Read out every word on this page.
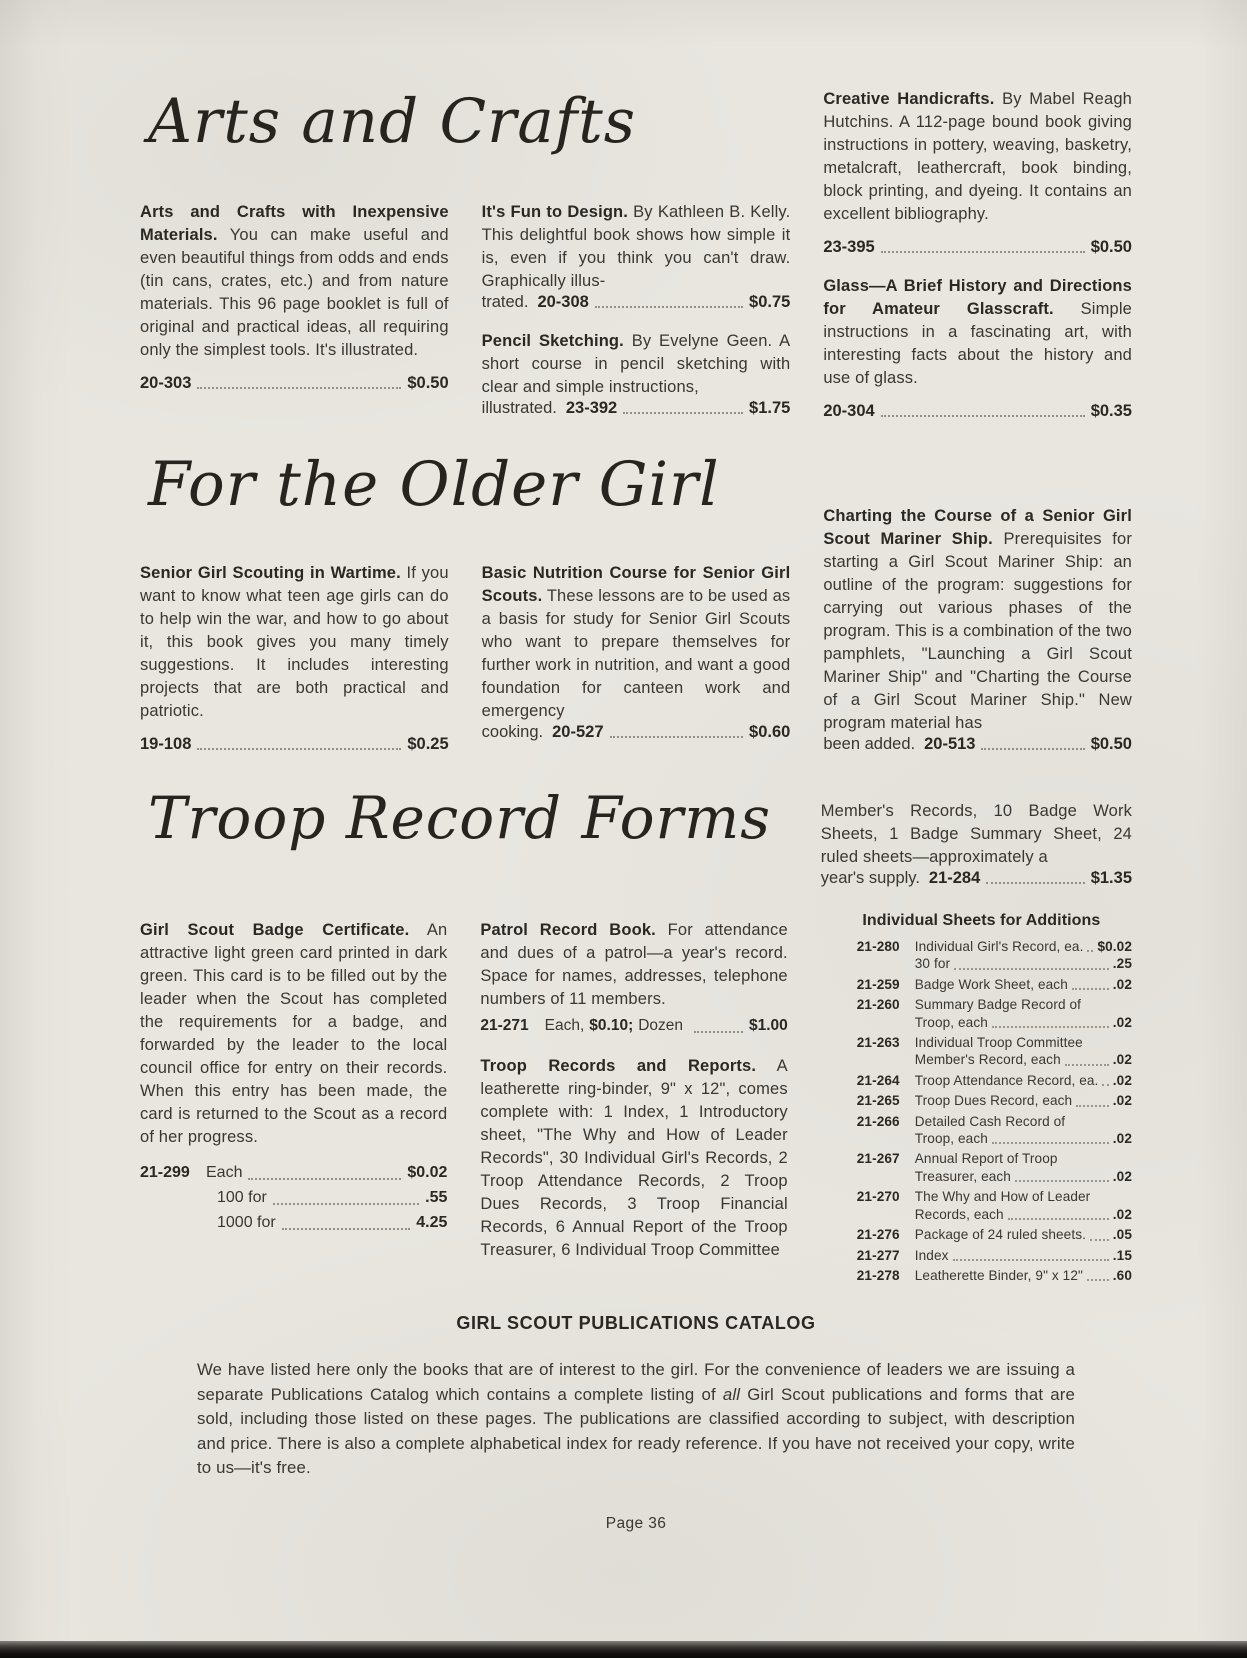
Arts and Crafts

Arts and Crafts with Inexpensive Materials. You can make useful and even beautiful things from odds and ends (tin cans, crates, etc.) and from nature materials. This 96 page booklet is full of original and practical ideas, all requiring only the simplest tools. It's illustrated.

20-303	$0.50

It's Fun to Design. By Kathleen B. Kelly. This delightful book shows how simple it is, even if you think you can't draw. Graphically illus-

trated. 20-308	$0.75

Pencil Sketching. By Evelyne Geen. A short course in pencil sketching with clear and simple instructions,

illustrated. 23-392	$1.75

Creative Handicrafts. By Mabel Reagh Hutchins. A 112-page bound book giving instructions in pottery, weaving, basketry, metalcraft, leathercraft, book binding, block printing, and dyeing. It contains an excellent bibliography.

23-395	$0.50

Glass—A Brief History and Directions for Amateur Glasscraft. Simple instructions in a fascinating art, with interesting facts about the history and use of glass.

20-304	$0.35
For the Older Girl

Senior Girl Scouting in Wartime. If you want to know what teen age girls can do to help win the war, and how to go about it, this book gives you many timely suggestions. It includes interesting projects that are both practical and patriotic.

19-108	$0.25

Basic Nutrition Course for Senior Girl Scouts. These lessons are to be used as a basis for study for Senior Girl Scouts who want to prepare themselves for further work in nutrition, and want a good foundation for canteen work and emergency

cooking. 20-527	$0.60

Charting the Course of a Senior Girl Scout Mariner Ship. Prerequisites for starting a Girl Scout Mariner Ship: an outline of the program: suggestions for carrying out various phases of the program. This is a combination of the two pamphlets, "Launching a Girl Scout Mariner Ship" and "Charting the Course of a Girl Scout Mariner Ship." New program material has

been added. 20-513	$0.50
Troop Record Forms

Girl Scout Badge Certificate. An attractive light green card printed in dark green. This card is to be filled out by the leader when the Scout has completed the requirements for a badge, and forwarded by the leader to the local council office for entry on their records. When this entry has been made, the card is returned to the Scout as a record of her progress.

21-299	Each	$0.02
100 for	.55
1000 for	4.25

Patrol Record Book. For attendance and dues of a patrol—a year's record. Space for names, addresses, telephone numbers of 11 members.

21-271 Each, $0.10; Dozen	$1.00

Troop Records and Reports. A leatherette ring-binder, 9" x 12", comes complete with: 1 Index, 1 Introductory sheet, "The Why and How of Leader Records", 30 Individual Girl's Records, 2 Troop Attendance Records, 2 Troop Dues Records, 3 Troop Financial Records, 6 Annual Report of the Troop Treasurer, 6 Individual Troop Committee

Member's Records, 10 Badge Work Sheets, 1 Badge Summary Sheet, 24 ruled sheets—approximately a

year's supply. 21-284	$1.35
Individual Sheets for Additions
21-280	Individual Girl's Record, ea. $0.02
30 for	.25
21-259	Badge Work Sheet, each	.02
21-260	Summary Badge Record of
Troop, each	.02
21-263	Individual Troop Committee
Member's Record, each	.02
21-264	Troop Attendance Record, ea. .02
21-265	Troop Dues Record, each	.02
21-266	Detailed Cash Record of
Troop, each	.02
21-267	Annual Report of Troop
Treasurer, each	.02
21-270	The Why and How of Leader
Records, each	.02
21-276	Package of 24 ruled sheets. .05
21-277	Index	.15
21-278	Leatherette Binder, 9" x 12" .60
GIRL SCOUT PUBLICATIONS CATALOG

We have listed here only the books that are of interest to the girl. For the convenience of leaders we are issuing a separate Publications Catalog which contains a complete listing of all Girl Scout publications and forms that are sold, including those listed on these pages. The publications are classified according to subject, with description and price. There is also a complete alphabetical index for ready reference. If you have not received your copy, write to us—it's free.

Page 36
